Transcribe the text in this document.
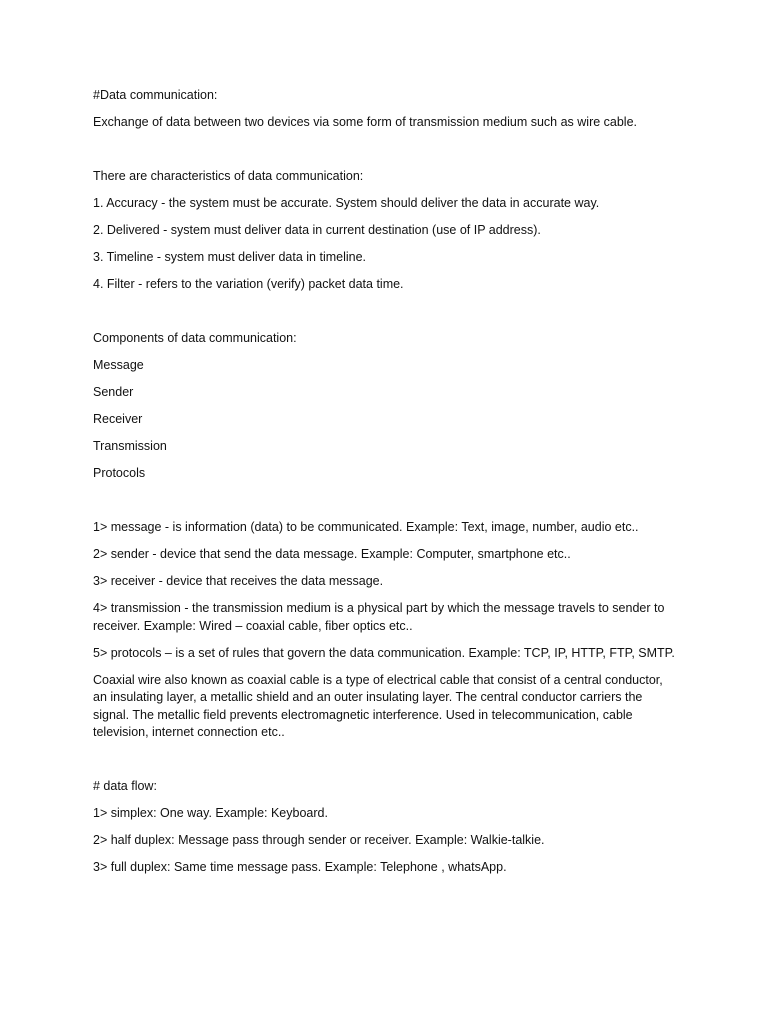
#Data communication:

Exchange of data between two devices via some form of transmission medium such as wire cable.

There are characteristics of data communication:

1. Accuracy - the system must be accurate. System should deliver the data in accurate way.

2. Delivered - system must deliver data in current destination (use of IP address).

3. Timeline - system must deliver data in timeline.

4. Filter - refers to the variation (verify) packet data time.

Components of data communication:

Message

Sender

Receiver

Transmission

Protocols

1> message - is information (data) to be communicated. Example: Text, image, number, audio etc..

2> sender - device that send the data message. Example: Computer, smartphone etc..

3> receiver - device that receives the data message.

4> transmission - the transmission medium is a physical part by which the message travels to sender to receiver. Example: Wired – coaxial cable, fiber optics etc..

5> protocols – is a set of rules that govern the data communication. Example: TCP, IP, HTTP, FTP, SMTP.

Coaxial wire also known as coaxial cable is a type of electrical cable that consist of a central conductor, an insulating layer, a metallic shield and an outer insulating layer. The central conductor carriers the signal. The metallic field prevents electromagnetic interference. Used in telecommunication, cable television, internet connection etc..

# data flow:

1> simplex: One way. Example: Keyboard.

2> half duplex: Message pass through sender or receiver. Example: Walkie-talkie.

3> full duplex: Same time message pass. Example: Telephone , whatsApp.
